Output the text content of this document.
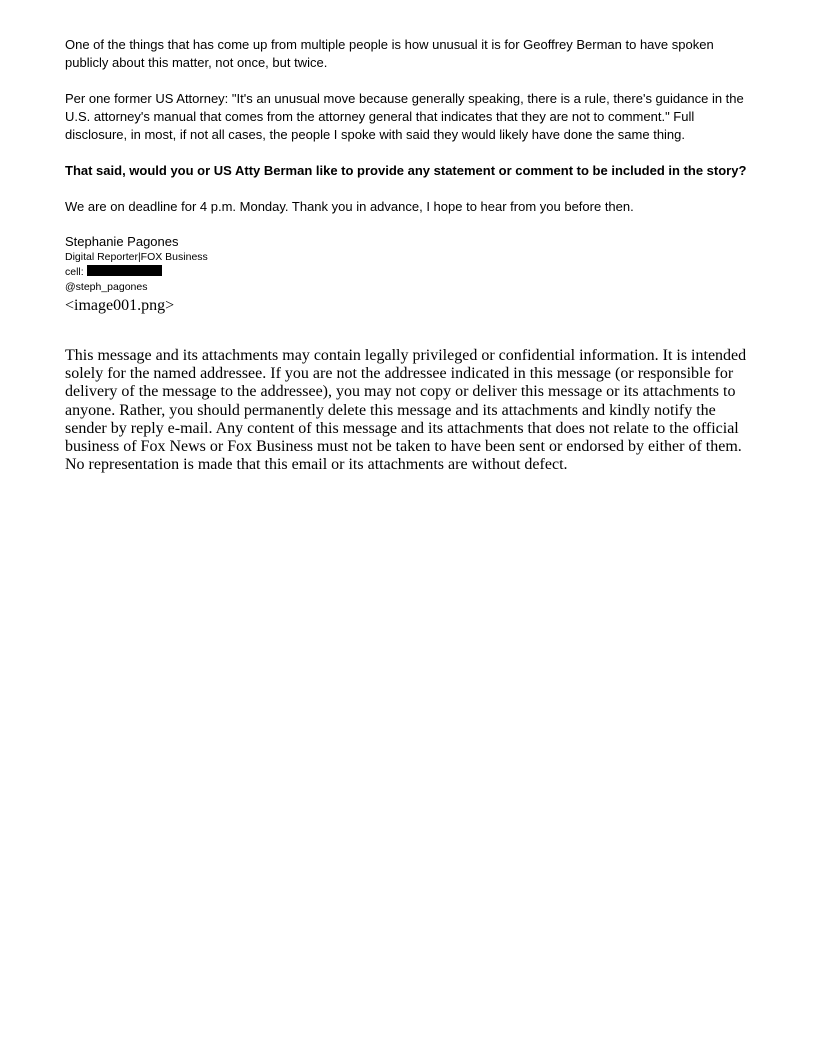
One of the things that has come up from multiple people is how unusual it is for Geoffrey Berman to have spoken publicly about this matter, not once, but twice.

Per one former US Attorney: "It's an unusual move because generally speaking, there is a rule, there's guidance in the U.S. attorney's manual that comes from the attorney general that indicates that they are not to comment." Full disclosure, in most, if not all cases, the people I spoke with said they would likely have done the same thing.

That said, would you or US Atty Berman like to provide any statement or comment to be included in the story?

We are on deadline for 4 p.m. Monday. Thank you in advance, I hope to hear from you before then.

Stephanie Pagones

Digital Reporter|FOX Business

cell:

@steph_pagones

<image001.png>

This message and its attachments may contain legally privileged or confidential information. It is intended solely for the named addressee. If you are not the addressee indicated in this message (or responsible for delivery of the message to the addressee), you may not copy or deliver this message or its attachments to anyone. Rather, you should permanently delete this message and its attachments and kindly notify the sender by reply e-mail. Any content of this message and its attachments that does not relate to the official business of Fox News or Fox Business must not be taken to have been sent or endorsed by either of them. No representation is made that this email or its attachments are without defect.
